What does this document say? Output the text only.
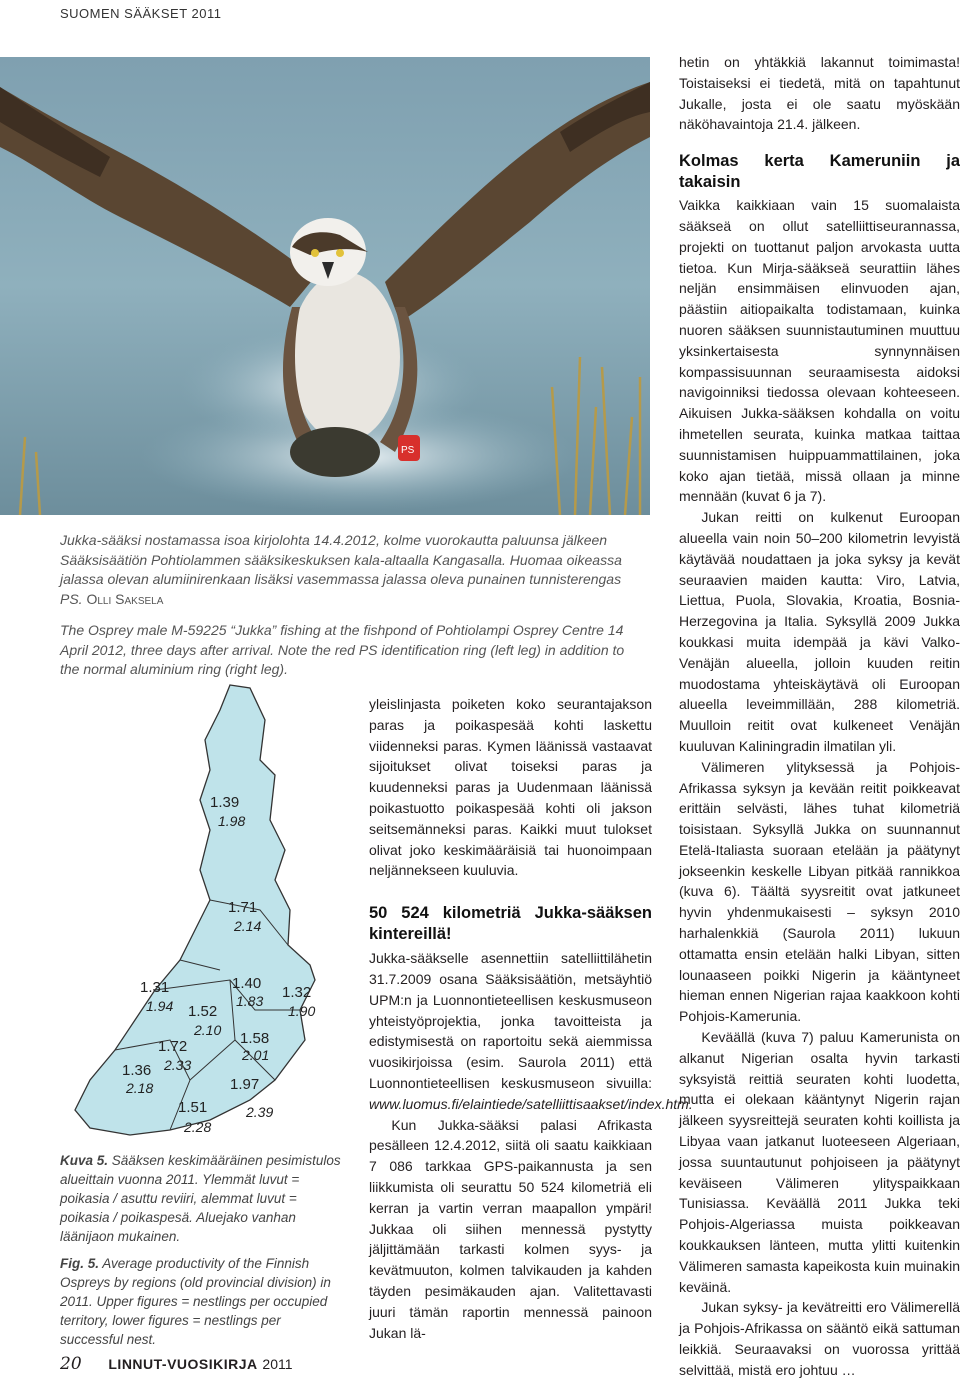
SUOMEN SÄÄKSET 2011
PS
Jukka-sääksi nostamassa isoa kirjolohta 14.4.2012, kolme vuorokautta paluunsa jälkeen Sääksisäätiön Pohtiolammen sääksikeskuksen kala-altaalla Kangasalla. Huomaa oikeassa jalassa olevan alumiinirenkaan lisäksi vasemmassa jalassa oleva punainen tunnisterengas PS. Olli Saksela
The Osprey male M-59225 “Jukka” fishing at the fishpond of Pohtiolampi Osprey Centre 14 April 2012, three days after arrival. Note the red PS identification ring (left leg) in addition to the normal aluminium ring (right leg).
1.39
1.98
1.71
2.14
1.40
1.83 1.32
1.90
1.31
1.94 1.52
2.10 1.58
2.01
1.72
2.33
1.36
2.18	1.97
2.39
1.51
2.28
Kuva 5. Sääksen keskimääräinen pesimistulos alueittain vuonna 2011. Ylemmät luvut = poikasia / asuttu reviiri, alemmat luvut = poikasia / poikaspesä. Aluejako vanhan läänijaon mukainen.
Fig. 5. Average productivity of the Finnish Ospreys by regions (old provincial division) in 2011. Upper figures = nestlings per occupied territory, lower figures = nestlings per successful nest.

yleislinjasta poiketen koko seurantajakson paras ja poikaspesää kohti laskettu viidenneksi paras. Kymen läänissä vastaavat sijoitukset olivat toiseksi paras ja kuudenneksi paras ja Uudenmaan läänissä poikastuotto poikaspesää kohti oli jakson seitsemänneksi paras. Kaikki muut tulokset olivat joko keskimääräisiä tai huonoimpaan neljännekseen kuuluvia.

50 524 kilometriä Jukka-sääksen kintereillä!

Jukka-sääkselle asennettiin satelliittilähetin 31.7.2009 osana Sääksisäätiön, metsäyhtiö UPM:n ja Luonnontieteellisen keskusmuseon yhteistyöprojektia, jonka tavoitteista ja edistymisestä on raportoitu sekä aiemmissa vuosikirjoissa (esim. Saurola 2011) että Luonnontieteellisen keskusmuseon sivuilla: www.luomus.fi/elaintiede/satelliittisaakset/index.htm.

Kun Jukka-sääksi palasi Afrikasta pesälleen 12.4.2012, siitä oli saatu kaikkiaan 7 086 tarkkaa GPS-paikannusta ja sen liikkumista oli seurattu 50 524 kilometriä eli kerran ja vartin verran maapallon ympäri! Jukkaa oli siihen mennessä pystytty jäljittämään tarkasti kolmen syys- ja kevätmuuton, kolmen talvikauden ja kahden täyden pesimäkauden ajan. Valitettavasti juuri tämän raportin mennessä painoon Jukan lä-

hetin on yhtäkkiä lakannut toimimasta! Toistaiseksi ei tiedetä, mitä on tapahtunut Jukalle, josta ei ole saatu myöskään näköhavaintoja 21.4. jälkeen.

Kolmas kerta Kameruniin ja takaisin

Vaikka kaikkiaan vain 15 suomalaista sääkseä on ollut satelliittiseurannassa, projekti on tuottanut paljon arvokasta uutta tietoa. Kun Mirja-sääkseä seurattiin lähes neljän ensimmäisen elinvuoden ajan, päästiin aitiopaikalta todistamaan, kuinka nuoren sääksen suunnistautuminen muuttuu yksinkertaisesta synnynnäisen kompassisuunnan seuraamisesta aidoksi navigoinniksi tiedossa olevaan kohteeseen. Aikuisen Jukka-sääksen kohdalla on voitu ihmetellen seurata, kuinka matkaa taittaa suunnistamisen huippuammattilainen, joka koko ajan tietää, missä ollaan ja minne mennään (kuvat 6 ja 7).

Jukan reitti on kulkenut Euroopan alueella vain noin 50–200 kilometrin levyistä käytävää noudattaen ja joka syksy ja kevät seuraavien maiden kautta: Viro, Latvia, Liettua, Puola, Slovakia, Kroatia, Bosnia-Herzegovina ja Italia. Syksyllä 2009 Jukka koukkasi muita idempää ja kävi Valko-Venäjän alueella, jolloin kuuden reitin muodostama yhteiskäytävä oli Euroopan alueella leveimmillään, 288 kilometriä. Muulloin reitit ovat kulkeneet Venäjän kuuluvan Kaliningradin ilmatilan yli.

Välimeren ylityksessä ja Pohjois-Afrikassa syksyn ja kevään reitit poikkeavat erittäin selvästi, lähes tuhat kilometriä toisistaan. Syksyllä Jukka on suunnannut Etelä-Italiasta suoraan etelään ja päätynyt jokseenkin keskelle Libyan pitkää rannikkoa (kuva 6). Täältä syysreitit ovat jatkuneet hyvin yhdenmukaisesti – syksyn 2010 harhalenkkiä (Saurola 2011) lukuun ottamatta ensin etelään halki Libyan, sitten lounaaseen poikki Nigerin ja kääntyneet hieman ennen Nigerian rajaa kaakkoon kohti Pohjois-Kamerunia.

Keväällä (kuva 7) paluu Kamerunista on alkanut Nigerian osalta hyvin tarkasti syksyistä reittiä seuraten kohti luodetta, mutta ei olekaan kääntynyt Nigerin rajan jälkeen syysreittejä seuraten kohti koillista ja Libyaa vaan jatkanut luoteeseen Algeriaan, jossa suuntautunut pohjoiseen ja päätynyt keväiseen Välimeren ylityspaikkaan Tunisiassa. Keväällä 2011 Jukka teki Pohjois-Algeriassa muista poikkeavan koukkauksen länteen, mutta ylitti kuitenkin Välimeren samasta kapeikosta kuin muinakin keväinä.

Jukan syksy- ja kevätreitti ero Välimerellä ja Pohjois-Afrikassa on sääntö eikä sattuman leikkiä. Seuraavaksi on vuorossa yrittää selvittää, mistä ero johtuu …

20 LINNUT-VUOSIKIRJA 2011
